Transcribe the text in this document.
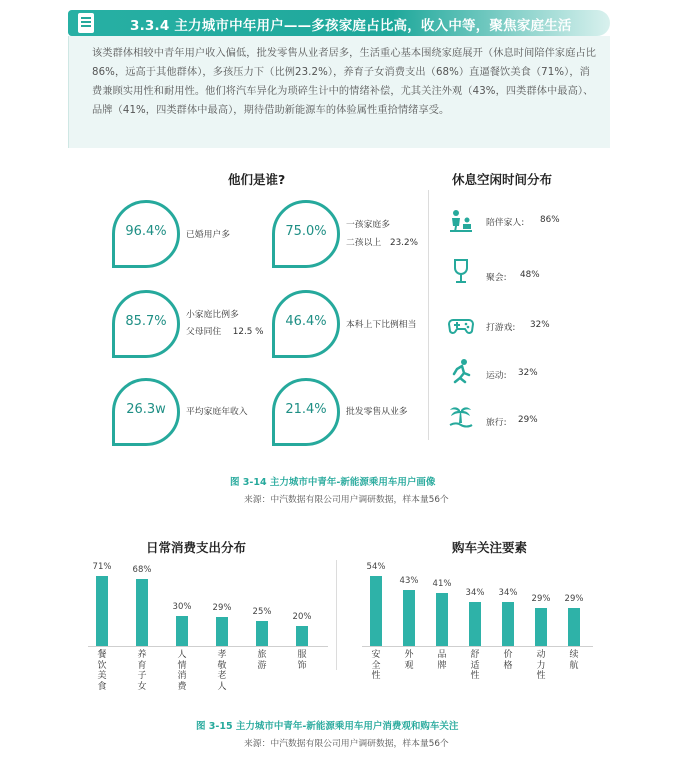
3.3.4 主力城市中年用户——多孩家庭占比高，收入中等，聚焦家庭生活
该类群体相较中青年用户收入偏低，批发零售从业者居多，生活重心基本围绕家庭展开（休息时间陪伴家庭占比86%，远高于其他群体），多孩压力下（比例23.2%），养育子女消费支出（68%）直逼餐饮美食（71%），消费兼顾实用性和耐用性。他们将汽车异化为琐碎生计中的情绪补偿，尤其关注外观（43%，四类群体中最高）、品牌（41%，四类群体中最高），期待借助新能源车的体验属性重拾情绪享受。
他们是谁?
96.4%	已婚用户多	75.0%	一孩家庭多
二孩以上　23.2%
85.7%	小家庭比例多
父母同住　 12.5 %
46.4%	本科上下比例相当
26.3w	平均家庭年收入	21.4%	批发零售从业多
休息空闲时间分布
陪伴家人: 86%
聚会: 48%
打游戏: 32%
运动: 32%
旅行: 29%
图 3-14 主力城市中青年-新能源乘用车用户画像
来源：中汽数据有限公司用户调研数据，样本量56个
日常消费支出分布
71%
餐饮美食
68%
养育子女
30%
人情消费
29%
孝敬老人
25%
旅游
20%
服饰
购车关注要素
54%
安全性
43%
外观
41%
品牌
34%
舒适性
34%
价格
29%
动力性
29%
续航
图 3-15 主力城市中青年-新能源乘用车用户消费观和购车关注
来源：中汽数据有限公司用户调研数据，样本量56个
